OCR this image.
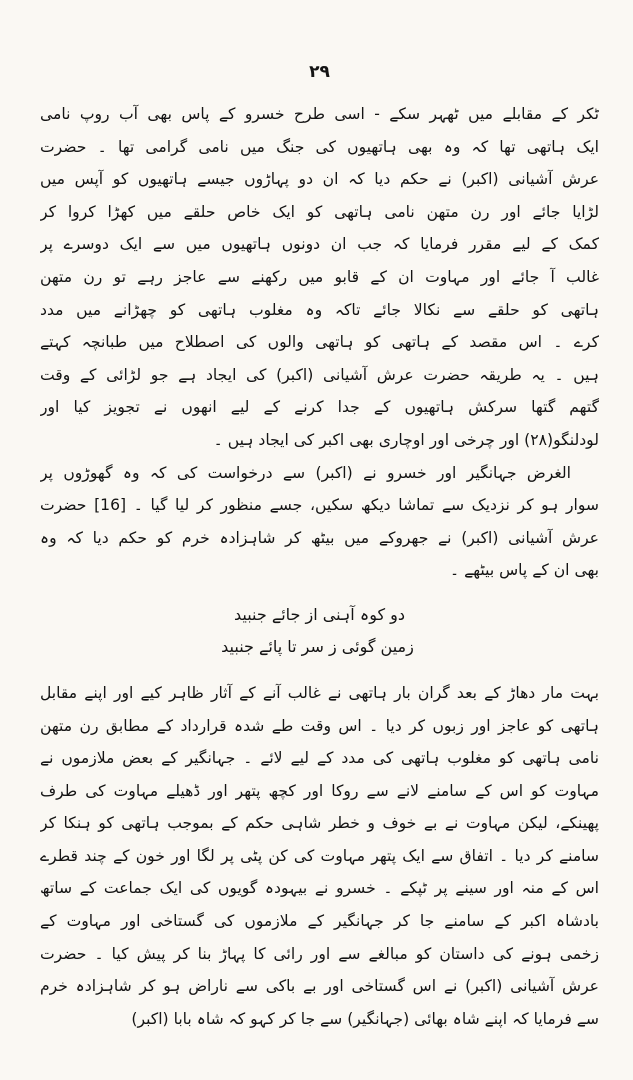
۲۹
ٹکر کے مقابلے میں ٹھہر سکے - اسی طرح خسرو کے پاس بھی آب روپ نامی
ایک ہاتھی تھا کہ وہ بھی ہاتھیوں کی جنگ میں نامی گرامی تھا ۔ حضرت
عرش آشیانی (اکبر) نے حکم دیا کہ ان دو پہاڑوں جیسے ہاتھیوں کو آپس میں
لڑایا جائے اور رن متھن نامی ہاتھی کو ایک خاص حلقے میں کھڑا کروا کر
کمک کے لیے مقرر فرمایا کہ جب ان دونوں ہاتھیوں میں سے ایک دوسرے پر
غالب آ جائے اور مہاوت ان کے قابو میں رکھنے سے عاجز رہے تو رن متھن
ہاتھی کو حلقے سے نکالا جائے تاکہ وہ مغلوب ہاتھی کو چھڑانے میں مدد
کرے ۔ اس مقصد کے ہاتھی کو ہاتھی والوں کی اصطلاح میں طبانچہ کہتے
ہیں ۔ یہ طریقہ حضرت عرش آشیانی (اکبر) کی ایجاد ہے جو لڑائی کے وقت
گتھم گتھا سرکش ہاتھیوں کے جدا کرنے کے لیے انھوں نے تجویز کیا اور
لودلنگو(۲۸) اور چرخی اور اوچاری بھی اکبر کی ایجاد ہیں ۔
الغرض جہانگیر اور خسرو نے (اکبر) سے درخواست کی کہ وہ گھوڑوں پر
سوار ہو کر نزدیک سے تماشا دیکھ سکیں، جسے منظور کر لیا گیا ۔ [16] حضرت
عرش آشیانی (اکبر) نے جھروکے میں بیٹھ کر شاہزادہ خرم کو حکم دیا کہ وہ
بھی ان کے پاس بیٹھے ۔
دو کوہ آہنی از جائے جنبید
زمین گوئی ز سر تا پائے جنبید
بہت مار دھاڑ کے بعد گران بار ہاتھی نے غالب آنے کے آثار ظاہر کیے اور اپنے مقابل
ہاتھی کو عاجز اور زبوں کر دیا ۔ اس وقت طے شدہ قرارداد کے مطابق رن متھن
نامی ہاتھی کو مغلوب ہاتھی کی مدد کے لیے لائے ۔ جہانگیر کے بعض ملازموں نے
مہاوت کو اس کے سامنے لانے سے روکا اور کچھ پتھر اور ڈھیلے مہاوت کی طرف
پھینکے، لیکن مہاوت نے بے خوف و خطر شاہی حکم کے بموجب ہاتھی کو ہنکا کر
سامنے کر دیا ۔ اتفاق سے ایک پتھر مہاوت کی کن پٹی پر لگا اور خون کے چند قطرے
اس کے منہ اور سینے پر ٹپکے ۔ خسرو نے بیہودہ گویوں کی ایک جماعت کے ساتھ
بادشاہ اکبر کے سامنے جا کر جہانگیر کے ملازموں کی گستاخی اور مہاوت کے
زخمی ہونے کی داستان کو مبالغے سے اور رائی کا پہاڑ بنا کر پیش کیا ۔ حضرت
عرش آشیانی (اکبر) نے اس گستاخی اور بے باکی سے ناراض ہو کر شاہزادہ خرم
سے فرمایا کہ اپنے شاہ بھائی (جہانگیر) سے جا کر کہو کہ شاہ بابا (اکبر)
